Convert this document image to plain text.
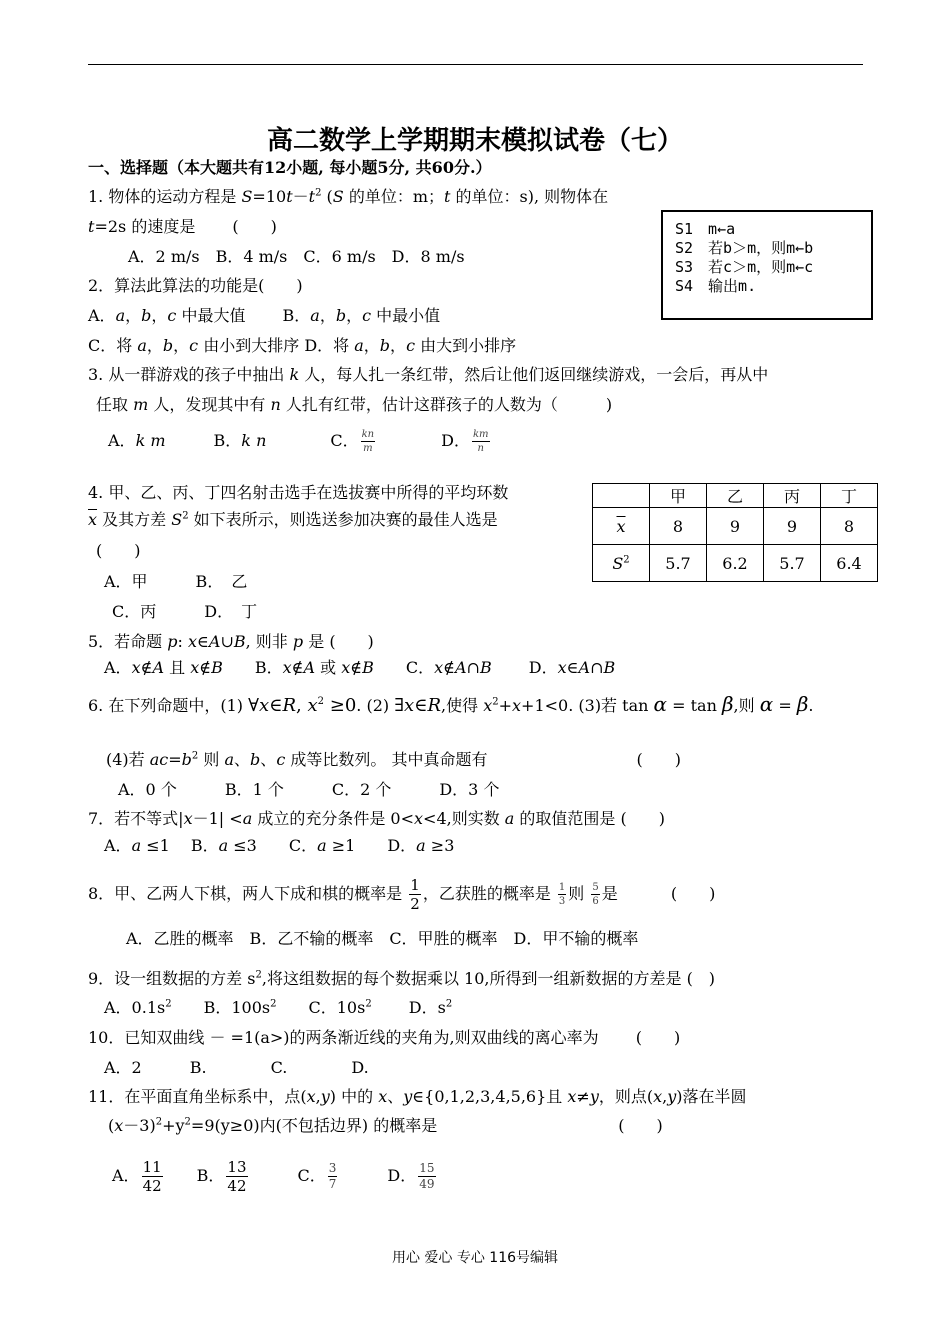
高二数学上学期期末模拟试卷（七）
一、选择题（本大题共有12小题, 每小题5分, 共60分.）
1. 物体的运动方程是 $S=10t-t^2$ (S 的单位：m；t 的单位：s), 则物体在
t=2s 的速度是　　 (　　)
A．2 m/s　B．4 m/s　C．6 m/s　D．8 m/s
S1　m←a
S2　若b＞m，则m←b
S3　若c＞m，则m←c
S4　输出m.
2．算法此算法的功能是(　　)
A．a，b，c 中最大值　　 B．a，b，c 中最小值
C．将 a，b，c 由小到大排序 D．将 a，b，c 由大到小排序
3. 从一群游戏的孩子中抽出 k 人，每人扎一条红带，然后让他们返回继续游戏，一会后，再从中
任取 m 人，发现其中有 n 人扎有红带，估计这群孩子的人数为（　　　)
A．k m　　　B．k n　　　　C． $\frac{kn}{m}$ 　　　　D． $\frac{km}{n}$
4. 甲、乙、丙、丁四名射击选手在选拔赛中所得的平均环数
$\overline{x}$ 及其方差 $S^2$ 如下表所示，则选送参加决赛的最佳人选是
(　　)
A．甲　　　B．　乙
C．丙　　　D．　丁
	甲	乙	丙	丁
$\overline{x}$	8	9	9	8
$S^2$	5.7	6.2	5.7	6.4
5．若命题 p: x∈A∪B, 则非 p 是 (　　)
A．x∉A 且 x∉B　　B．x∉A 或 x∉B　　C．x∉A∩B　　 D．x∈A∩B
6. 在下列命题中，(1) ∀x∈R, $x^2 \ge 0$. (2) ∃x∈R,使得 $x^2+x+1<0$. (3)若 tan α = tan β,则 α = β.
(4)若 $ac=b^2$ 则 a、b、c 成等比数列。 其中真命题有　　　　　　　　　 (　　)
A．0 个　　　B．1 个　　　C．2 个　　　D．3 个
7．若不等式|x－1| <a 成立的充分条件是 0<x<4,则实数 a 的取值范围是 (　　)
A．a ≤1　 B．a ≤3　　C．a ≥1　　D．a ≥3
8．甲、乙两人下棋，两人下成和棋的概率是 $\frac{1}{2}$ ，乙获胜的概率是 $\frac{1}{3}$ 则 $\frac{5}{6}$ 是　　　 (　　)
A．乙胜的概率　B．乙不输的概率　C．甲胜的概率　D．甲不输的概率
9．设一组数据的方差 $s^2$,将这组数据的每个数据乘以 10,所得到一组新数据的方差是 (　)
A．$0.1s^2$　　B．$100s^2$　　C．$10s^2$　　 D．$s^2$
10．已知双曲线 － =1(a>)的两条渐近线的夹角为,则双曲线的离心率为　　 (　　)
A．2　　　B.　　　　C.　　　　D.
11．在平面直角坐标系中，点(x,y) 中的 x、y∈{0,1,2,3,4,5,6}且 x≠y，则点(x,y)落在半圆
$(x-3)^2+y^2=9(y\ge 0)$内(不包括边界) 的概率是　　　　　　　　　　　 (　　)
A． $\frac{11}{42}$ 　　B． $\frac{13}{42}$ 　　　C． $\frac{3}{7}$ 　　　D． $\frac{15}{49}$
用心 爱心 专心 116号编辑
